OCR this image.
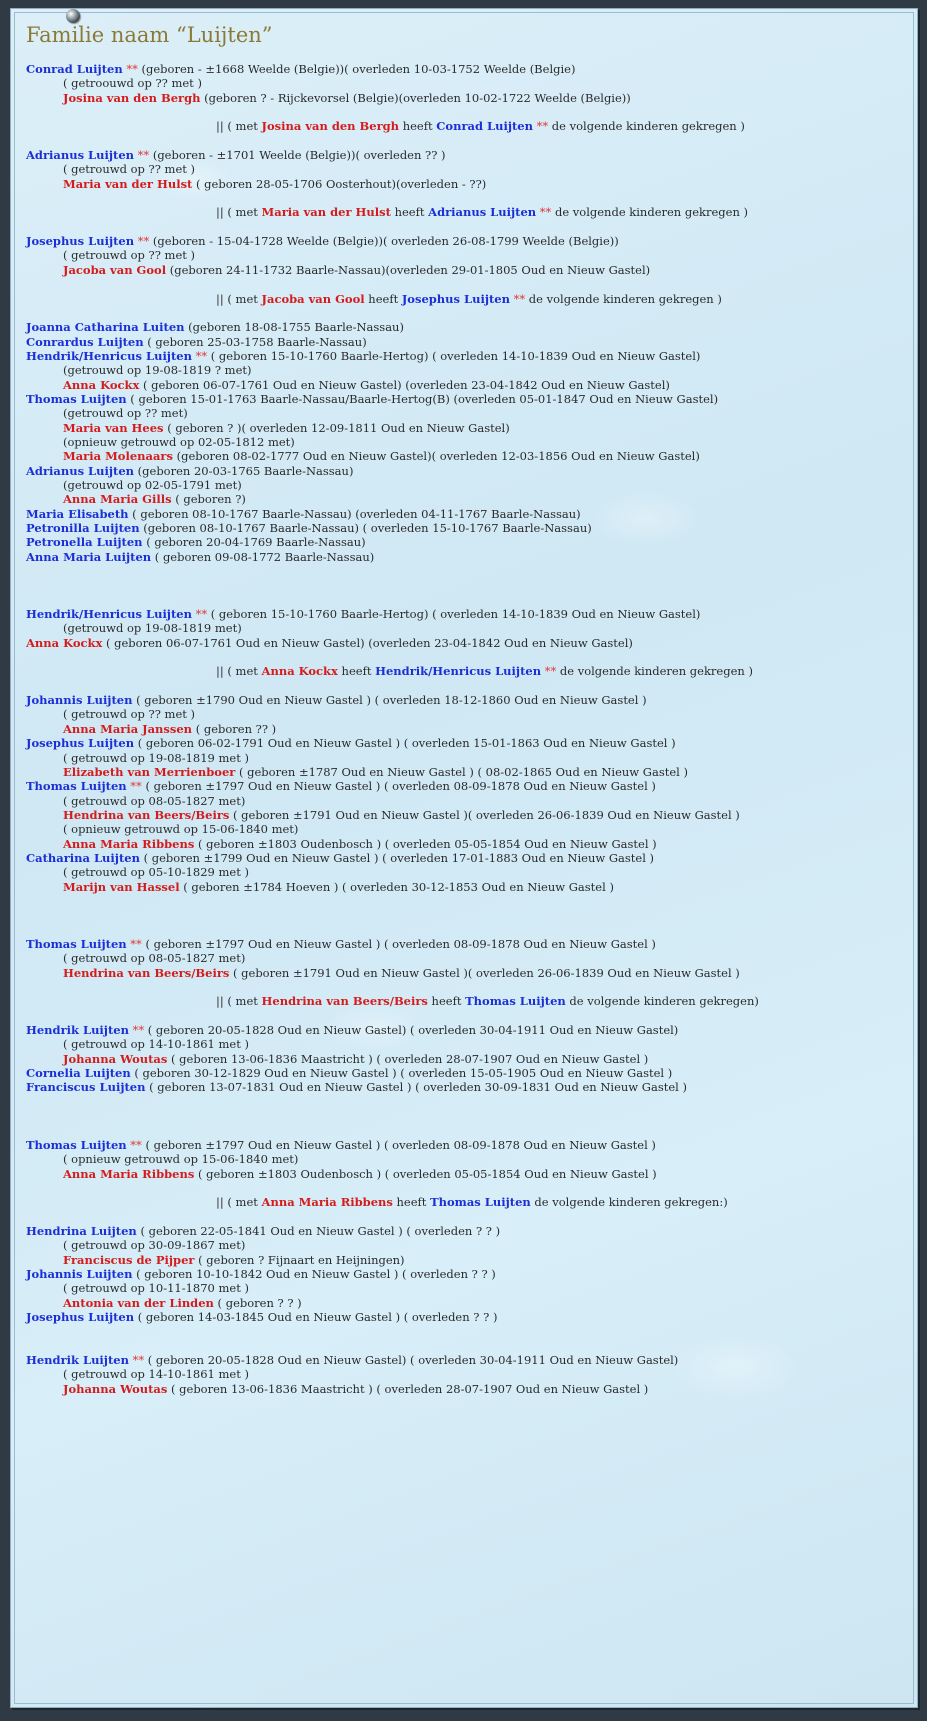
Familie naam “Luijten”
Conrad Luijten ** (geboren - ±1668 Weelde (Belgie))( overleden 10-03-1752 Weelde (Belgie)
( getroouwd op ?? met )
Josina van den Bergh (geboren ? - Rijckevorsel (Belgie)(overleden 10-02-1722 Weelde (Belgie))
|| ( met Josina van den Bergh heeft Conrad Luijten ** de volgende kinderen gekregen )
Adrianus Luijten ** (geboren - ±1701 Weelde (Belgie))( overleden ?? )
( getrouwd op ?? met )
Maria van der Hulst ( geboren 28-05-1706 Oosterhout)(overleden - ??)
|| ( met Maria van der Hulst heeft Adrianus Luijten ** de volgende kinderen gekregen )
Josephus Luijten ** (geboren - 15-04-1728 Weelde (Belgie))( overleden 26-08-1799 Weelde (Belgie))
( getrouwd op ?? met )
Jacoba van Gool (geboren 24-11-1732 Baarle-Nassau)(overleden 29-01-1805 Oud en Nieuw Gastel)
|| ( met Jacoba van Gool heeft Josephus Luijten ** de volgende kinderen gekregen )
Joanna Catharina Luiten (geboren 18-08-1755 Baarle-Nassau)
Conrardus Luijten ( geboren 25-03-1758 Baarle-Nassau)
Hendrik/Henricus Luijten ** ( geboren 15-10-1760 Baarle-Hertog) ( overleden 14-10-1839 Oud en Nieuw Gastel)
(getrouwd op 19-08-1819 ? met)
Anna Kockx ( geboren 06-07-1761 Oud en Nieuw Gastel) (overleden 23-04-1842 Oud en Nieuw Gastel)
Thomas Luijten ( geboren 15-01-1763 Baarle-Nassau/Baarle-Hertog(B) (overleden 05-01-1847 Oud en Nieuw Gastel)
(getrouwd op ?? met)
Maria van Hees ( geboren ? )( overleden 12-09-1811 Oud en Nieuw Gastel)
(opnieuw getrouwd op 02-05-1812 met)
Maria Molenaars (geboren 08-02-1777 Oud en Nieuw Gastel)( overleden 12-03-1856 Oud en Nieuw Gastel)
Adrianus Luijten (geboren 20-03-1765 Baarle-Nassau)
(getrouwd op 02-05-1791 met)
Anna Maria Gills ( geboren ?)
Maria Elisabeth ( geboren 08-10-1767 Baarle-Nassau) (overleden 04-11-1767 Baarle-Nassau)
Petronilla Luijten (geboren 08-10-1767 Baarle-Nassau) ( overleden 15-10-1767 Baarle-Nassau)
Petronella Luijten ( geboren 20-04-1769 Baarle-Nassau)
Anna Maria Luijten ( geboren 09-08-1772 Baarle-Nassau)
Hendrik/Henricus Luijten ** ( geboren 15-10-1760 Baarle-Hertog) ( overleden 14-10-1839 Oud en Nieuw Gastel)
(getrouwd op 19-08-1819 met)
Anna Kockx ( geboren 06-07-1761 Oud en Nieuw Gastel) (overleden 23-04-1842 Oud en Nieuw Gastel)
|| ( met Anna Kockx heeft Hendrik/Henricus Luijten ** de volgende kinderen gekregen )
Johannis Luijten ( geboren ±1790 Oud en Nieuw Gastel ) ( overleden 18-12-1860 Oud en Nieuw Gastel )
( getrouwd op ?? met )
Anna Maria Janssen ( geboren ?? )
Josephus Luijten ( geboren 06-02-1791 Oud en Nieuw Gastel ) ( overleden 15-01-1863 Oud en Nieuw Gastel )
( getrouwd op 19-08-1819 met )
Elizabeth van Merrienboer ( geboren ±1787 Oud en Nieuw Gastel ) ( 08-02-1865 Oud en Nieuw Gastel )
Thomas Luijten ** ( geboren ±1797 Oud en Nieuw Gastel ) ( overleden 08-09-1878 Oud en Nieuw Gastel )
( getrouwd op 08-05-1827 met)
Hendrina van Beers/Beirs ( geboren ±1791 Oud en Nieuw Gastel )( overleden 26-06-1839 Oud en Nieuw Gastel )
( opnieuw getrouwd op 15-06-1840 met)
Anna Maria Ribbens ( geboren ±1803 Oudenbosch ) ( overleden 05-05-1854 Oud en Nieuw Gastel )
Catharina Luijten ( geboren ±1799 Oud en Nieuw Gastel ) ( overleden 17-01-1883 Oud en Nieuw Gastel )
( getrouwd op 05-10-1829 met )
Marijn van Hassel ( geboren ±1784 Hoeven ) ( overleden 30-12-1853 Oud en Nieuw Gastel )
Thomas Luijten ** ( geboren ±1797 Oud en Nieuw Gastel ) ( overleden 08-09-1878 Oud en Nieuw Gastel )
( getrouwd op 08-05-1827 met)
Hendrina van Beers/Beirs ( geboren ±1791 Oud en Nieuw Gastel )( overleden 26-06-1839 Oud en Nieuw Gastel )
|| ( met Hendrina van Beers/Beirs heeft Thomas Luijten de volgende kinderen gekregen)
Hendrik Luijten ** ( geboren 20-05-1828 Oud en Nieuw Gastel) ( overleden 30-04-1911 Oud en Nieuw Gastel)
( getrouwd op 14-10-1861 met )
Johanna Woutas ( geboren 13-06-1836 Maastricht ) ( overleden 28-07-1907 Oud en Nieuw Gastel )
Cornelia Luijten ( geboren 30-12-1829 Oud en Nieuw Gastel ) ( overleden 15-05-1905 Oud en Nieuw Gastel )
Franciscus Luijten ( geboren 13-07-1831 Oud en Nieuw Gastel ) ( overleden 30-09-1831 Oud en Nieuw Gastel )
Thomas Luijten ** ( geboren ±1797 Oud en Nieuw Gastel ) ( overleden 08-09-1878 Oud en Nieuw Gastel )
( opnieuw getrouwd op 15-06-1840 met)
Anna Maria Ribbens ( geboren ±1803 Oudenbosch ) ( overleden 05-05-1854 Oud en Nieuw Gastel )
|| ( met Anna Maria Ribbens heeft Thomas Luijten de volgende kinderen gekregen:)
Hendrina Luijten ( geboren 22-05-1841 Oud en Nieuw Gastel ) ( overleden ? ? )
( getrouwd op 30-09-1867 met)
Franciscus de Pijper ( geboren ? Fijnaart en Heijningen)
Johannis Luijten ( geboren 10-10-1842 Oud en Nieuw Gastel ) ( overleden ? ? )
( getrouwd op 10-11-1870 met )
Antonia van der Linden ( geboren ? ? )
Josephus Luijten ( geboren 14-03-1845 Oud en Nieuw Gastel ) ( overleden ? ? )
Hendrik Luijten ** ( geboren 20-05-1828 Oud en Nieuw Gastel) ( overleden 30-04-1911 Oud en Nieuw Gastel)
( getrouwd op 14-10-1861 met )
Johanna Woutas ( geboren 13-06-1836 Maastricht ) ( overleden 28-07-1907 Oud en Nieuw Gastel )
